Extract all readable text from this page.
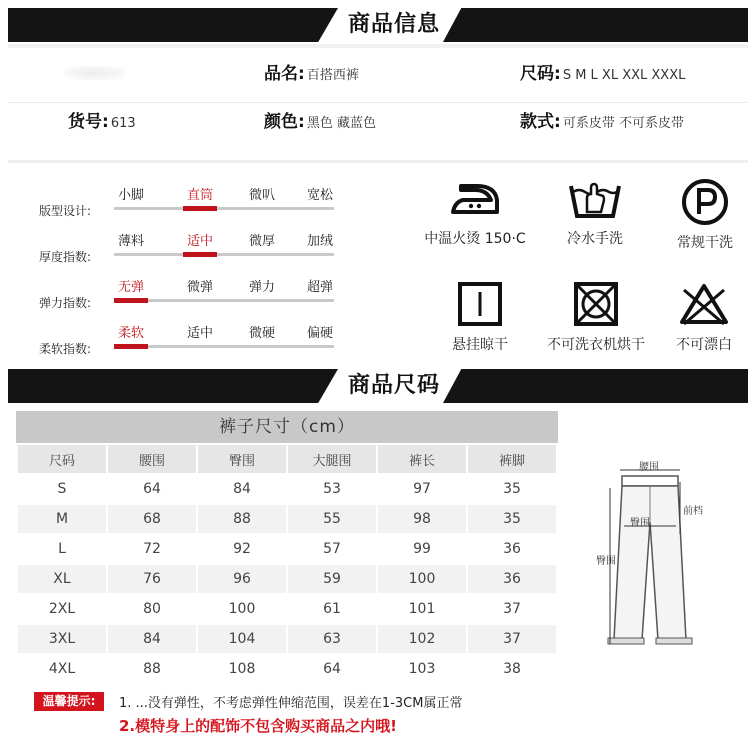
商品信息
品名: 百搭西裤	尺码: S M L XL XXL XXXL
货号: 613	颜色: 黑色 藏蓝色	款式: 可系皮带 不可系皮带
版型设计:
小脚	直筒	微叭	宽松
厚度指数:
薄料	适中	微厚	加绒
弹力指数:
无弹	微弹	弹力	超弹
柔软指数:
柔软	适中	微硬	偏硬
中温火烫 150·C	冷水手洗	常规干洗
悬挂晾干	不可洗衣机烘干	不可漂白
商品尺码
裤子尺寸（cm）
尺码	腰围	臀围	大腿围	裤长	裤脚
S	64	84	53	97	35
M	68	88	55	98	35
L	72	92	57	99	36
XL	76	96	59	100	36
2XL	80	100	61	101	37
3XL	84	104	63	102	37
4XL	88	108	64	103	38
腰围
前档
臀围
臀围
温馨提示:	1. ...没有弹性，不考虑弹性伸缩范围，误差在1-3CM属正常
2.模特身上的配饰不包含购买商品之内哦!
